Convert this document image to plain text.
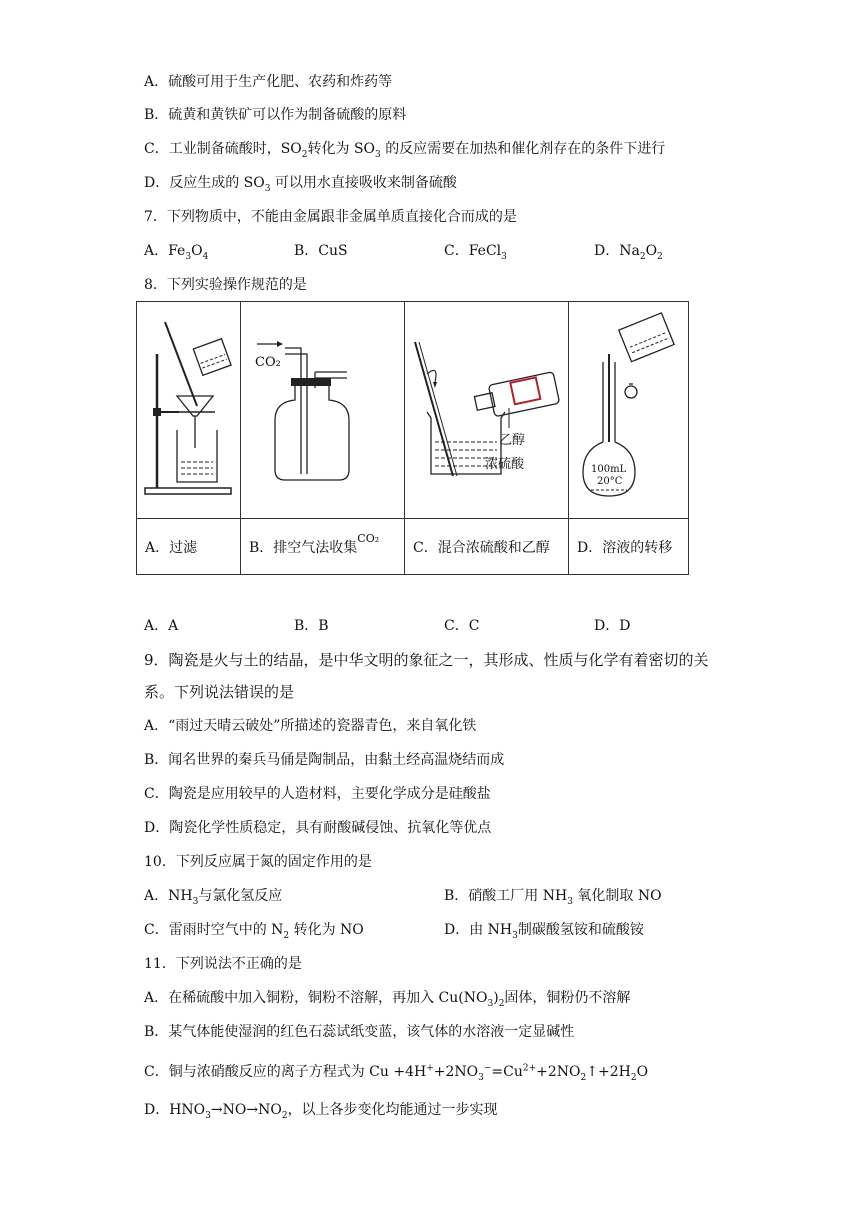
A．硫酸可用于生产化肥、农药和炸药等
B．硫黄和黄铁矿可以作为制备硫酸的原料
C．工业制备硫酸时，$SO_2$转化为 $SO_3$ 的反应需要在加热和催化剂存在的条件下进行
D．反应生成的 $SO_3$ 可以用水直接吸收来制备硫酸
7．下列物质中，不能由金属跟非金属单质直接化合而成的是
A．$Fe_3O_4$	B．CuS	C．FeCl$_3$	D．$Na_2O_2$
8．下列实验操作规范的是

CO₂	乙醇
浓硫酸	100mL
20°C

A．过滤	B．排空气法收集$^{CO_2}$	C．混合浓硫酸和乙醇	D．溶液的转移
A．A	B．B	C．C	D．D
9．陶瓷是火与土的结晶，是中华文明的象征之一，其形成、性质与化学有着密切的关
系。下列说法错误的是
A．“雨过天晴云破处”所描述的瓷器青色，来自氧化铁
B．闻名世界的秦兵马俑是陶制品，由黏土经高温烧结而成
C．陶瓷是应用较早的人造材料，主要化学成分是硅酸盐
D．陶瓷化学性质稳定，具有耐酸碱侵蚀、抗氧化等优点
10．下列反应属于氮的固定作用的是
A．$NH_3$与氯化氢反应	B．硝酸工厂用 $NH_3$ 氧化制取 NO
C．雷雨时空气中的 $N_2$ 转化为 NO	D．由 $NH_3$制碳酸氢铵和硫酸铵
11．下列说法不正确的是
A．在稀硫酸中加入铜粉，铜粉不溶解，再加入 $Cu(NO_3)_2$固体，铜粉仍不溶解
B．某气体能使湿润的红色石蕊试纸变蓝，该气体的水溶液一定显碱性
C．铜与浓硝酸反应的离子方程式为 $Cu +4H^++2NO_3^-=Cu^{2+}+2NO_2↑+2H_2O$
D．$HNO_3\to NO\to NO_2$，以上各步变化均能通过一步实现
